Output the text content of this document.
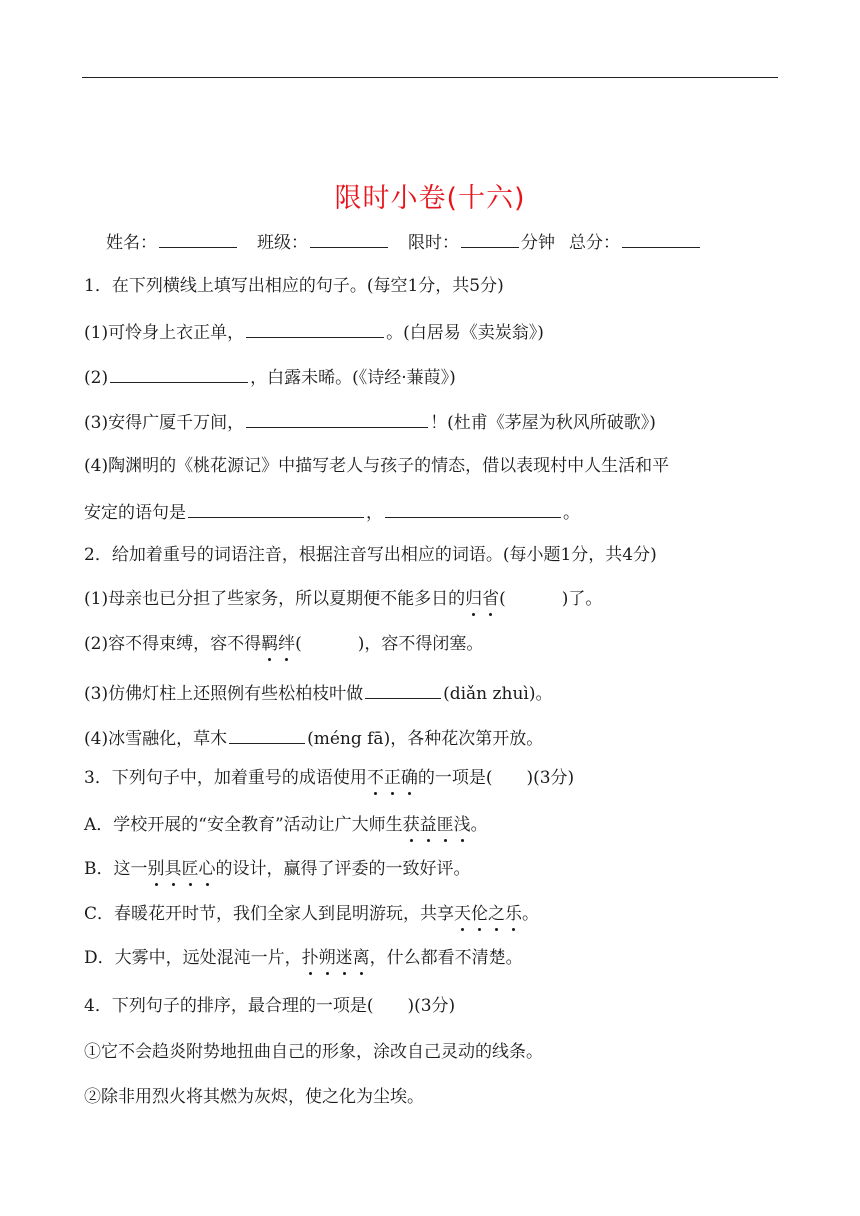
限时小卷(十六)
姓名：	班级：	限时：	分钟 总分：
1．在下列横线上填写出相应的句子。(每空1分，共5分)
(1)可怜身上衣正单，	。(白居易《卖炭翁》)
(2)	，白露未晞。(《诗经·蒹葭》)
(3)安得广厦千万间，	！(杜甫《茅屋为秋风所破歌》)
(4)陶渊明的《桃花源记》中描写老人与孩子的情态，借以表现村中人生活和平
安定的语句是	，	。
2．给加着重号的词语注音，根据注音写出相应的词语。(每小题1分，共4分)
(1)母亲也已分担了些家务，所以夏期便不能多日的归省(	)了。
(2)容不得束缚，容不得羁绊(	)，容不得闭塞。
(3)仿佛灯柱上还照例有些松柏枝叶做	(diǎn zhuì)。
(4)冰雪融化，草木	(méng fā)，各种花次第开放。
3．下列句子中，加着重号的成语使用不正确的一项是(　　)(3分)
A．学校开展的“安全教育”活动让广大师生获益匪浅。
B．这一别具匠心的设计，赢得了评委的一致好评。
C．春暖花开时节，我们全家人到昆明游玩，共享天伦之乐。
D．大雾中，远处混沌一片，扑朔迷离，什么都看不清楚。
4．下列句子的排序，最合理的一项是(　　)(3分)
①它不会趋炎附势地扭曲自己的形象，涂改自己灵动的线条。
②除非用烈火将其燃为灰烬，使之化为尘埃。
